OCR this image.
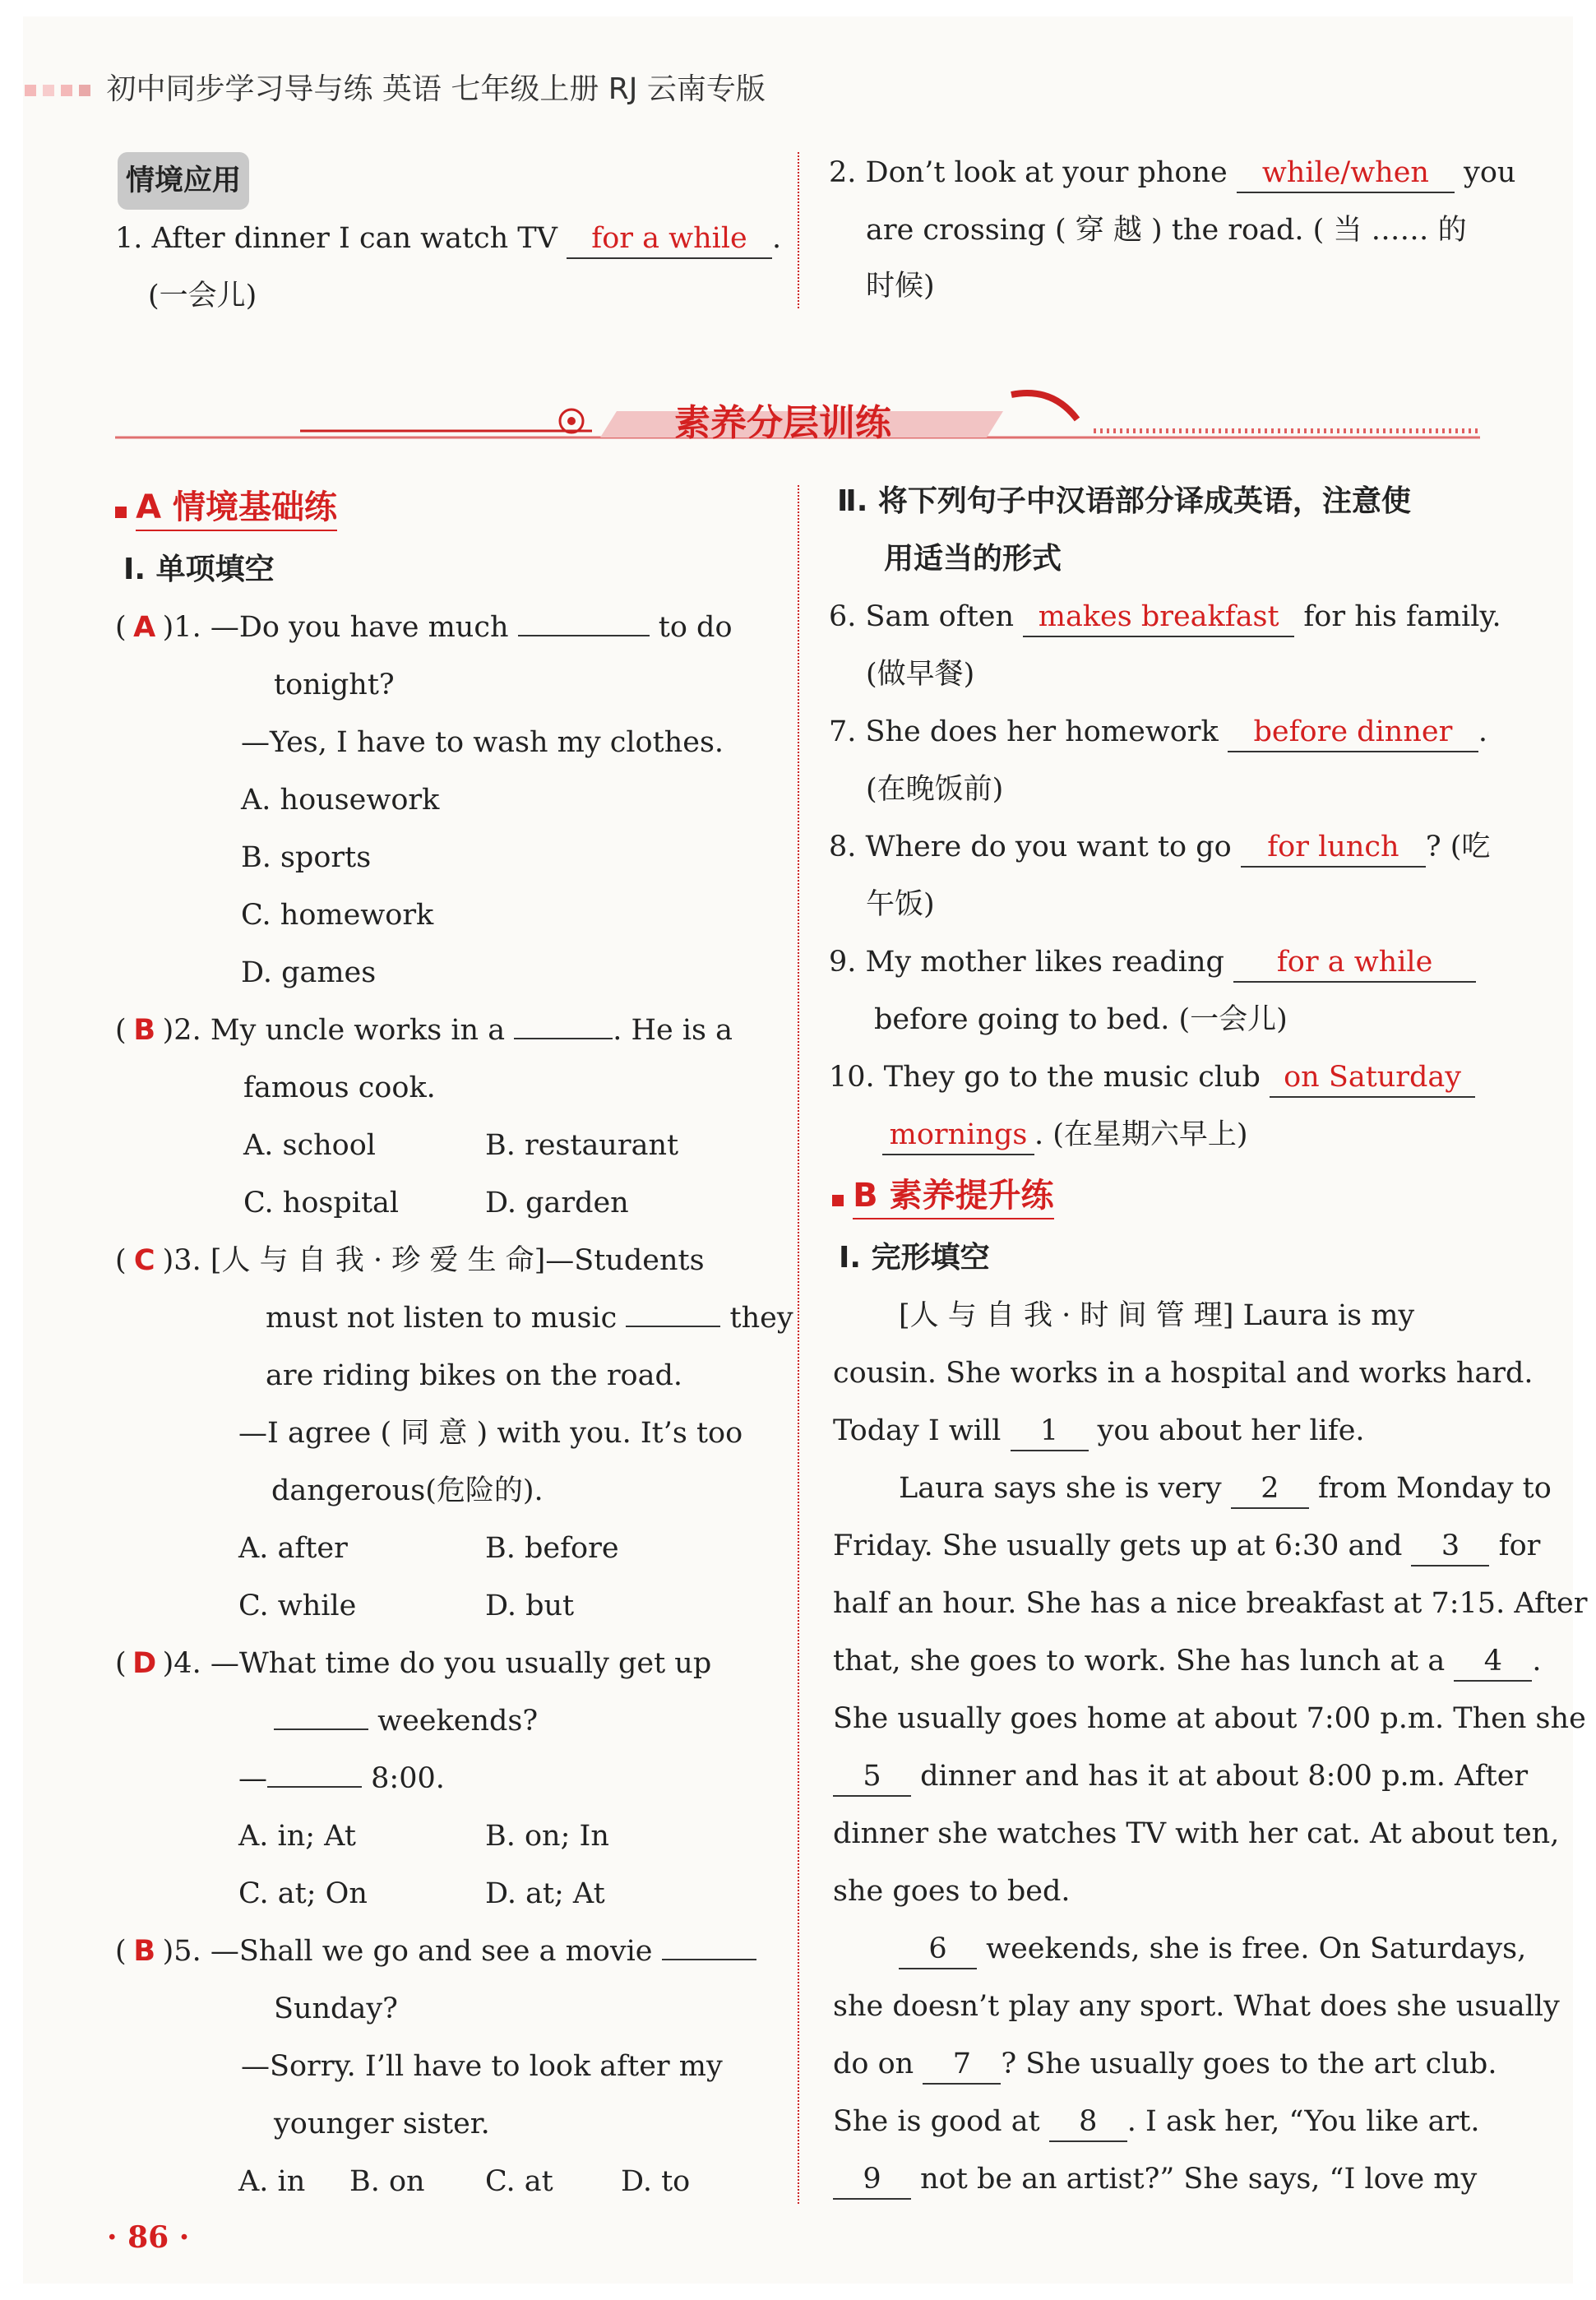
初中同步学习导与练 英语 七年级上册 RJ 云南专版
情境应用
1. After dinner I can watch TV for a while .
(一会儿)
2. Don’t look at your phone while/when you
are crossing ( 穿 越 ) the road. ( 当 …… 的
时候)
素养分层训练
A 情境基础练
Ⅰ. 单项填空
( A )1. —Do you have much	to do
tonight?
—Yes, I have to wash my clothes.
A. housework
B. sports
C. homework
D. games
( B )2. My uncle works in a	. He is a
famous cook.
A. school	B. restaurant
C. hospital	D. garden
( C )3. [人 与 自 我 · 珍 爱 生 命]—Students
must not listen to music	they
are riding bikes on the road.
—I agree ( 同 意 ) with you. It’s too
dangerous(危险的).
A. after	B. before
C. while	D. but
( D )4. —What time do you usually get up
weekends?
—	8:00.
A. in; At	B. on; In
C. at; On	D. at; At
( B )5. —Shall we go and see a movie
Sunday?
—Sorry. I’ll have to look after my
younger sister.
A. in B. on C. at D. to
Ⅱ. 将下列句子中汉语部分译成英语，注意使
用适当的形式
6. Sam often makes breakfast for his family.
(做早餐)
7. She does her homework before dinner .
(在晚饭前)
8. Where do you want to go for lunch ? (吃
午饭)
9. My mother likes reading for a while
before going to bed. (一会儿)
10. They go to the music club on Saturday
mornings . (在星期六早上)
B 素养提升练
Ⅰ. 完形填空
[人 与 自 我 · 时 间 管 理] Laura is my
cousin. She works in a hospital and works hard.
Today I will 1 you about her life.
Laura says she is very 2 from Monday to
Friday. She usually gets up at 6:30 and 3 for
half an hour. She has a nice breakfast at 7:15. After
that, she goes to work. She has lunch at a 4 .
She usually goes home at about 7:00 p.m. Then she
5 dinner and has it at about 8:00 p.m. After
dinner she watches TV with her cat. At about ten,
she goes to bed.
6 weekends, she is free. On Saturdays,
she doesn’t play any sport. What does she usually
do on 7 ? She usually goes to the art club.
She is good at 8 . I ask her, “You like art.
9 not be an artist?” She says, “I love my
· 86 ·
